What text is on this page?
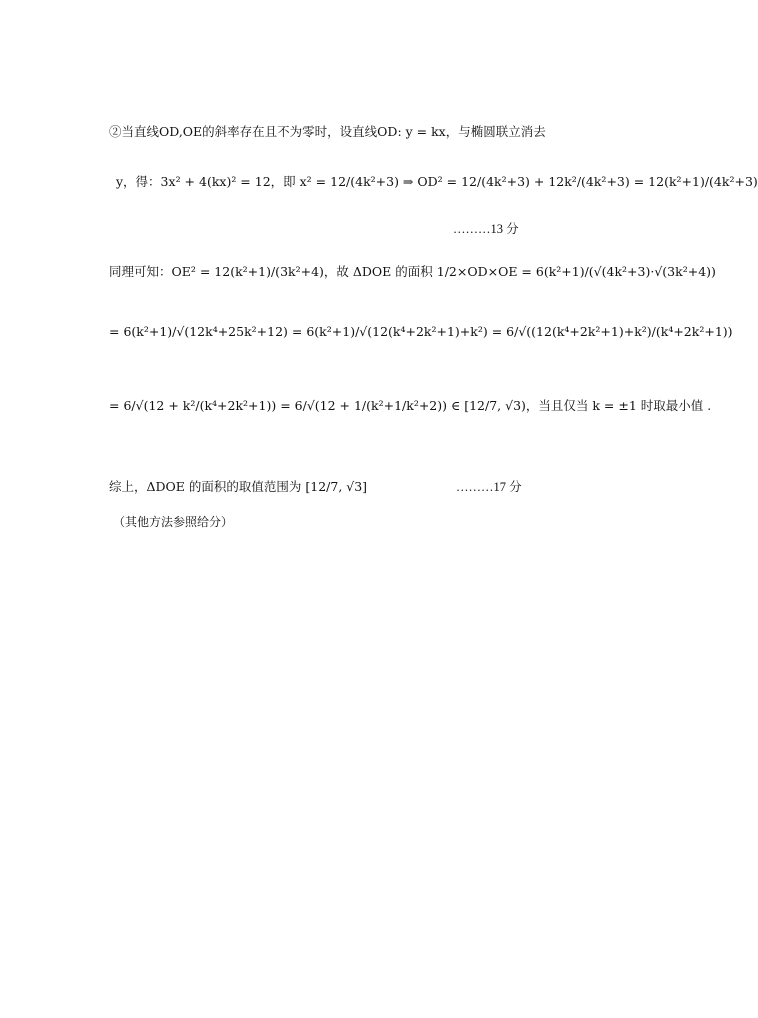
②当直线OD,OE的斜率存在且不为零时，设直线OD: y = kx，与椭圆联立消去
y，得：3x² + 4(kx)² = 12，即 x² = 12/(4k²+3) ⇒ OD² = 12/(4k²+3) + 12k²/(4k²+3) = 12(k²+1)/(4k²+3)
………13 分
同理可知：OE² = 12(k²+1)/(3k²+4)，故 ΔDOE 的面积 1/2×OD×OE = 6(k²+1)/(√(4k²+3)·√(3k²+4))
= 6(k²+1)/√(12k⁴+25k²+12) = 6(k²+1)/√(12(k⁴+2k²+1)+k²) = 6/√((12(k⁴+2k²+1)+k²)/(k⁴+2k²+1))
= 6/√(12 + k²/(k⁴+2k²+1)) = 6/√(12 + 1/(k²+1/k²+2)) ∈ [12/7, √3)，当且仅当 k = ±1 时取最小值 .
综上，ΔDOE 的面积的取值范围为 [12/7, √3]	………17 分
（其他方法参照给分）
